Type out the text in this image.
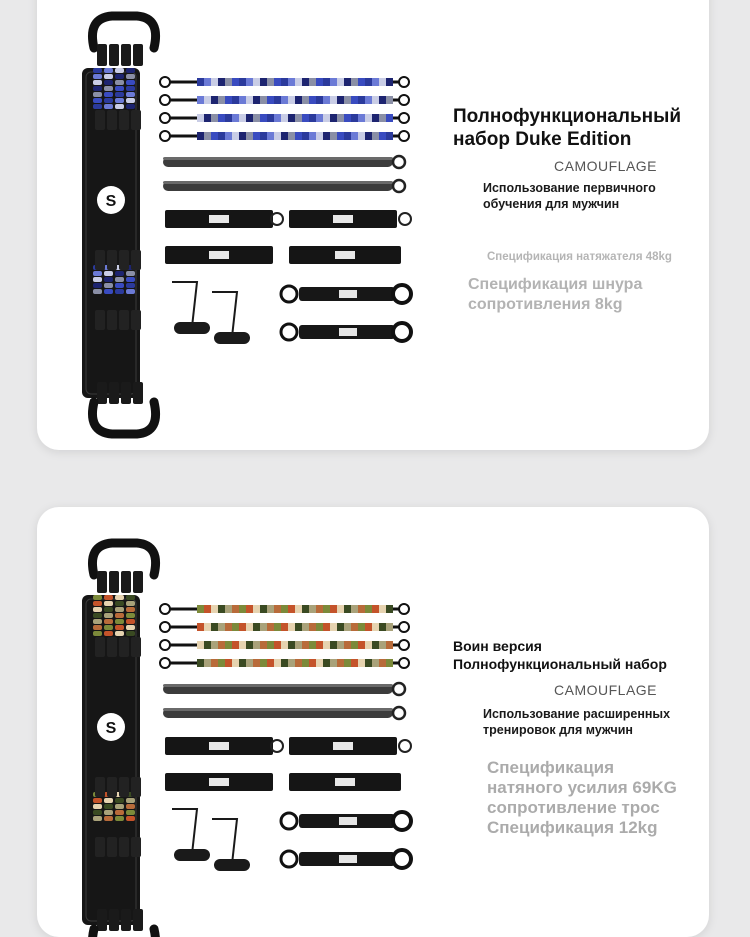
S

Полнофункциональный

набор Duke Edition

CAMOUFLAGE

Использование первичного

обучения для мужчин

Спецификация натяжателя 48kg

Спецификация шнура

сопротивления 8kg

S

Воин версия

Полнофункциональный набор

CAMOUFLAGE

Использование расширенных

тренировок для мужчин

Спецификация

натяного усилия 69KG

сопротивление трос

Спецификация 12kg
